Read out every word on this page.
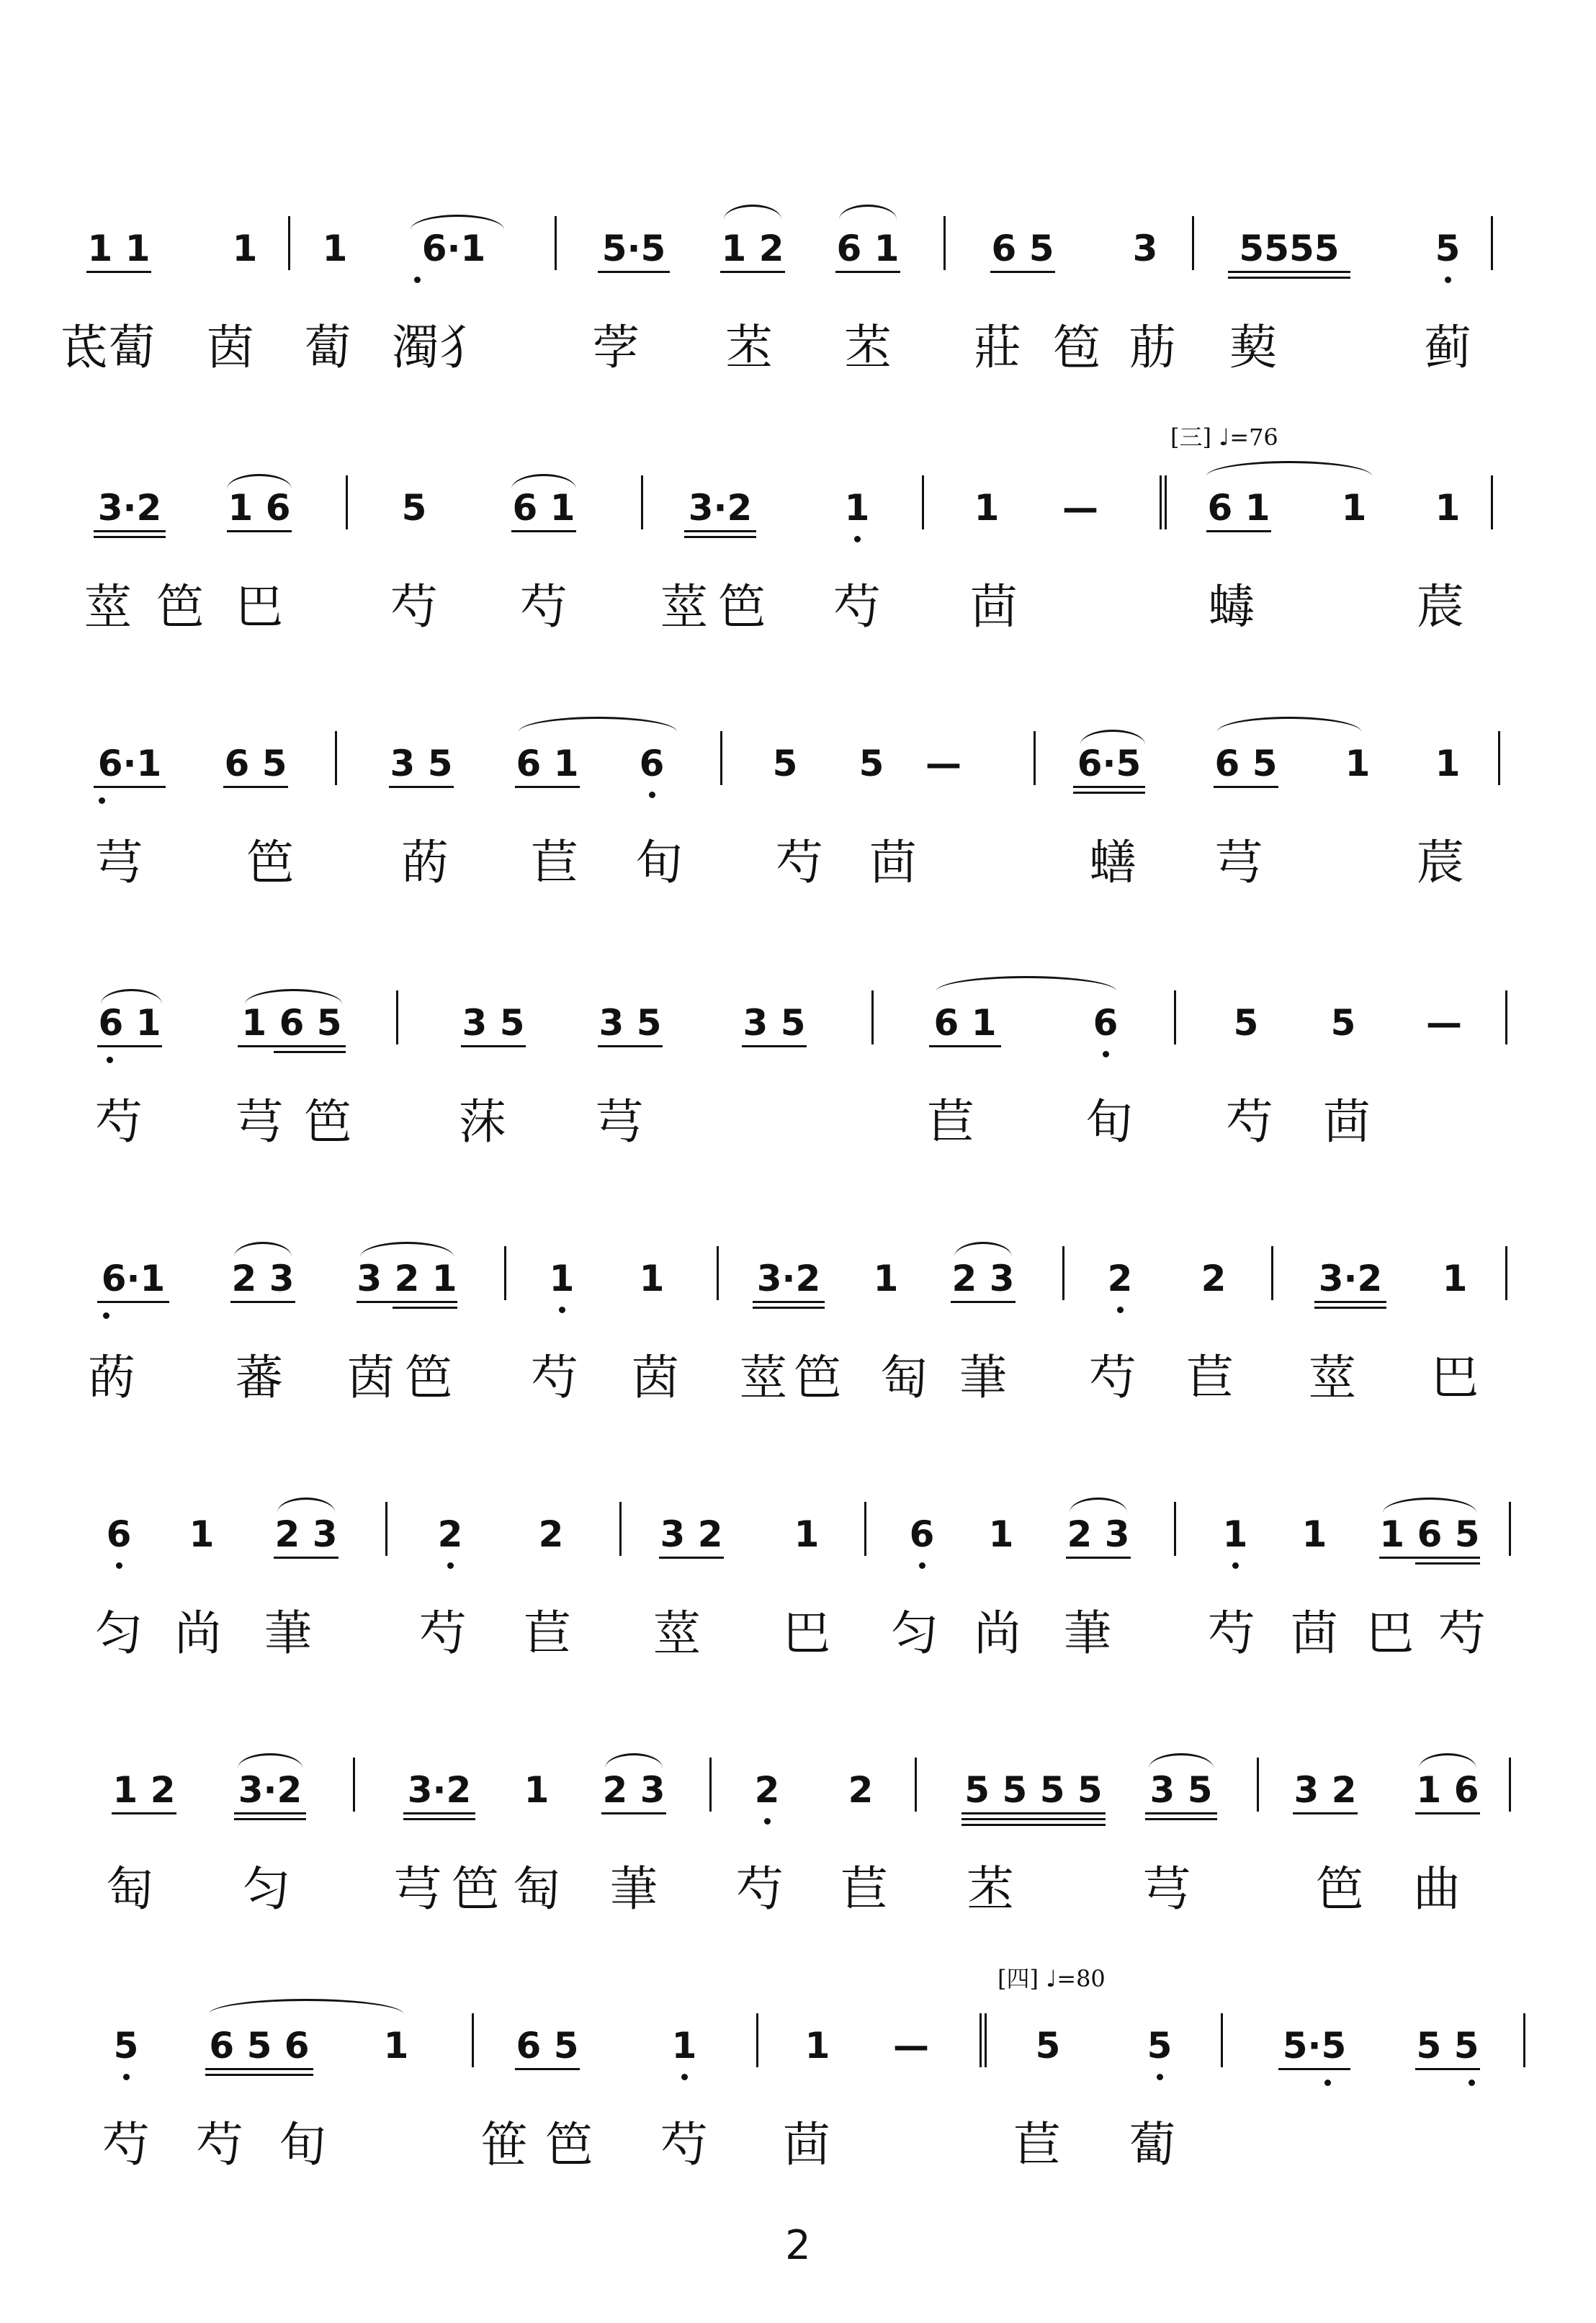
1 1 1 1 6·1	5·5 1 2 6 1	6 5 3 5555	5
茋蔔 茵 蔔 濁犭 茡 苤 苤 莊 笣 荕 葜	蓟
[三] ♩=76
3·2 1 6	5 6 1	3·2	1	1 —	6 1 1 1
莖 笆 巴 芍 芍 莖 笆 芍 茴	蝳	莀
6·1 6 5	3 5 6 1 6	5 5 —	6·5 6 5 1 1
芎 笆 菂 苣 旬 芍 茴	蟮 芎	莀
6 1 1 6 5	3 5 3 5 3 5	6 1	6	5 5 —
芍 芎 笆 莯 芎	苣 旬 芍 茴
6·1 2 3 3 2 1	1 1	3·2 1 2 3	2 2	3·2 1
菂 蕃 茵 笆 芍 茵 莖 笆 匋 茟 芍 苣 莖 巴
6 1 2 3	2 2	3 2 1	6 1 2 3	1 1 1 6 5
匀 尚 茟 芍 苣 莖 巴 匀 尚 茟 芍 茴 巴 芍
1 2 3·2	3·2 1 2 3 2 2	5 5 5 5 3 5 3 2 1 6
匋 匀 芎 笆 匋 茟 芍 苣 苤	芎	笆 曲
[四] ♩=80
5 6 5 6 1	6 5	1	1 —	5 5	5·5 5 5
芍 芍 旬	笹 笆 芍 茴	苣 蔔
2
